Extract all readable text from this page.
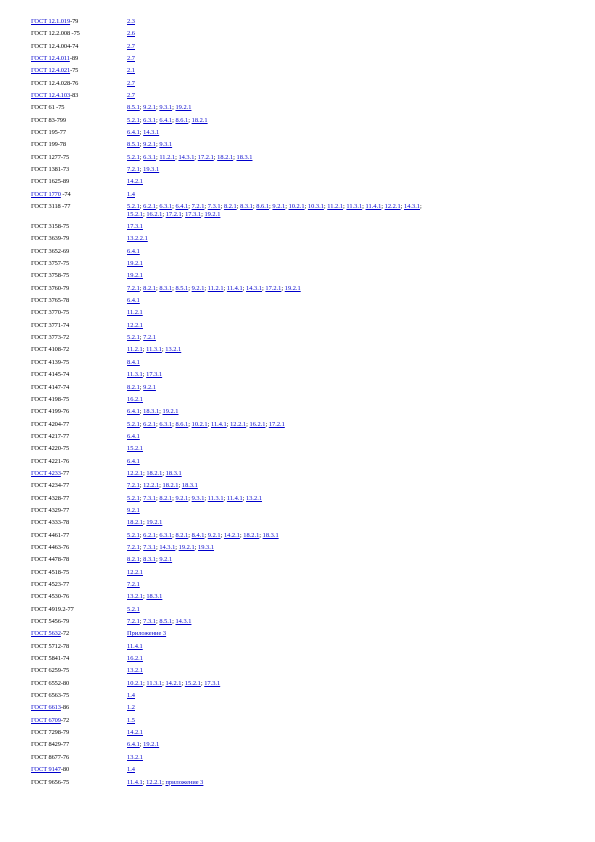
ГОСТ 12.1.019-79	2.3
ГОСТ 12.2.008 -75	2.6
ГОСТ 12.4.004-74	2.7
ГОСТ 12.4.011-89	2.7
ГОСТ 12.4.021-75	2.1
ГОСТ 12.4.028-76	2.7
ГОСТ 12.4.103-83	2.7
ГОСТ 61 -75	8.5.1; 9.2.1; 9.3.1; 19.2.1
ГОСТ 83-799	5.2.1; 6.3.1; 6.4.1; 8.6.1; 18.2.1
ГОСТ 195-77	6.4.1; 14.3.1
ГОСТ 199-78	8.5.1; 9.2.1; 9.3.1
ГОСТ 1277-75	5.2.1; 6.3.1; 11.2.1; 14.3.1; 17.2.1; 18.2.1; 18.3.1
ГОСТ 1381-73	7.2.1; 19.3.1
ГОСТ 1625-89	14.2.1
ГОСТ 1770 -74	1.4
ГОСТ 3118 -77	5.2.1; 6.2.1; 6.3.1; 6.4.1; 7.2.1; 7.3.1; 8.2.1; 8.3.1; 8.6.1; 9.2.1; 10.2.1; 10.3.1; 11.2.1; 11.3.1; 11.4.1; 12.2.1; 14.3.1;
15.2.1; 16.2.1; 17.2.1; 17.3.1; 19.2.1
ГОСТ 3158-75	17.3.1
ГОСТ 3639-79	13.2.2.1
ГОСТ 3652-69	6.4.1
ГОСТ 3757-75	19.2.1
ГОСТ 3758-75	19.2.1
ГОСТ 3760-79	7.2.1; 8.2.1; 8.3.1; 8.5.1; 9.2.1; 11.2.1; 11.4.1; 14.3.1; 17.2.1; 19.2.1
ГОСТ 3765-78	6.4.1
ГОСТ 3770-75	11.2.1
ГОСТ 3771-74	12.2.1
ГОСТ 3773-72	5.2.1; 7.2.1
ГОСТ 4108-72	11.2.1; 11.3.1; 13.2.1
ГОСТ 4139-75	8.4.1
ГОСТ 4145-74	11.3.1; 17.3.1
ГОСТ 4147-74	8.2.1; 9.2.1
ГОСТ 4198-75	16.2.1
ГОСТ 4199-76	6.4.1; 18.3.1; 19.2.1
ГОСТ 4204-77	5.2.1; 6.2.1; 6.3.1; 8.6.1; 10.2.1; 11.4.1; 12.2.1; 16.2.1; 17.2.1
ГОСТ 4217-77	6.4.1
ГОСТ 4220-75	15.2.1
ГОСТ 4221-76	6.4.1
ГОСТ 4233-77	12.2.1; 18.2.1; 18.3.1
ГОСТ 4234-77	7.2.1; 12.2.1; 18.2.1; 18.3.1
ГОСТ 4328-77	5.2.1; 7.3.1; 8.2.1; 9.2.1; 9.3.1; 11.3.1; 11.4.1; 13.2.1
ГОСТ 4329-77	9.2.1
ГОСТ 4333-78	18.2.1; 19.2.1
ГОСТ 4461-77	5.2.1; 6.2.1; 6.3.1; 8.2.1; 8.4.1; 9.2.1; 14.2.1; 18.2.1; 18.3.1
ГОСТ 4463-76	7.2.1; 7.3.1; 14.3.1; 19.2.1; 19.3.1
ГОСТ 4478-78	8.2.1; 8.3.1; 9.2.1
ГОСТ 4518-75	12.2.1
ГОСТ 4523-77	7.2.1
ГОСТ 4530-76	13.2.1; 18.3.1
ГОСТ 4919.2-77	5.2.1
ГОСТ 5456-79	7.2.1; 7.3.1; 8.5.1; 14.3.1
ГОСТ 5632-72	Приложение 3
ГОСТ 5712-78	11.4.1
ГОСТ 5841-74	16.2.1
ГОСТ 6259-75	13.2.1
ГОСТ 6552-80	10.2.1; 11.3.1; 14.2.1; 15.2.1; 17.3.1
ГОСТ 6563-75	1.4
ГОСТ 6613-86	1.2
ГОСТ 6709-72	1.5
ГОСТ 7298-79	14.2.1
ГОСТ 8429-77	6.4.1; 19.2.1
ГОСТ 8677-76	13.2.1
ГОСТ 9147-80	1.4
ГОСТ 9656-75	11.4.1; 12.2.1; приложение 3
